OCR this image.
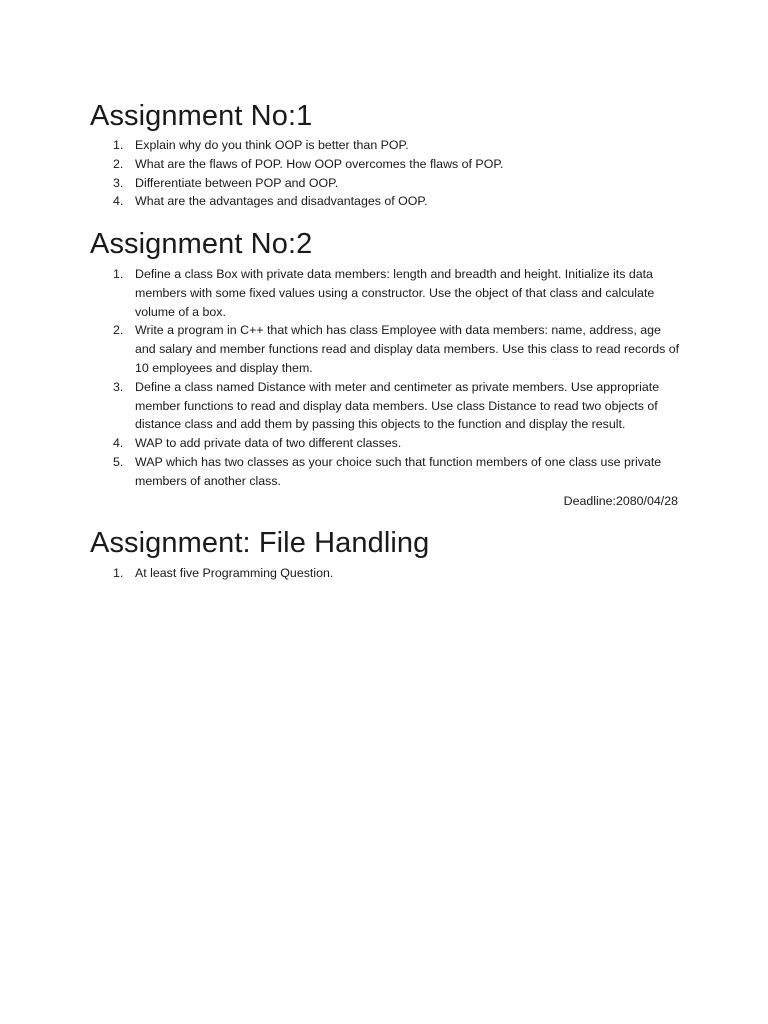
Assignment No:1
1. Explain why do you think OOP is better than POP.
2. What are the flaws of POP. How OOP overcomes the flaws of POP.
3. Differentiate between POP and OOP.
4. What are the advantages and disadvantages of OOP.
Assignment No:2
1. Define a class Box with private data members: length and breadth and height. Initialize its data members with some fixed values using a constructor. Use the object of that class and calculate volume of a box.
2. Write a program in C++ that which has class Employee with data members: name, address, age and salary and member functions read and display data members. Use this class to read records of 10 employees and display them.
3. Define a class named Distance with meter and centimeter as private members. Use appropriate member functions to read and display data members. Use class Distance to read two objects of distance class and add them by passing this objects to the function and display the result.
4. WAP to add private data of two different classes.
5. WAP which has two classes as your choice such that function members of one class use private members of another class.
Deadline:2080/04/28
Assignment: File Handling
1. At least five Programming Question.
